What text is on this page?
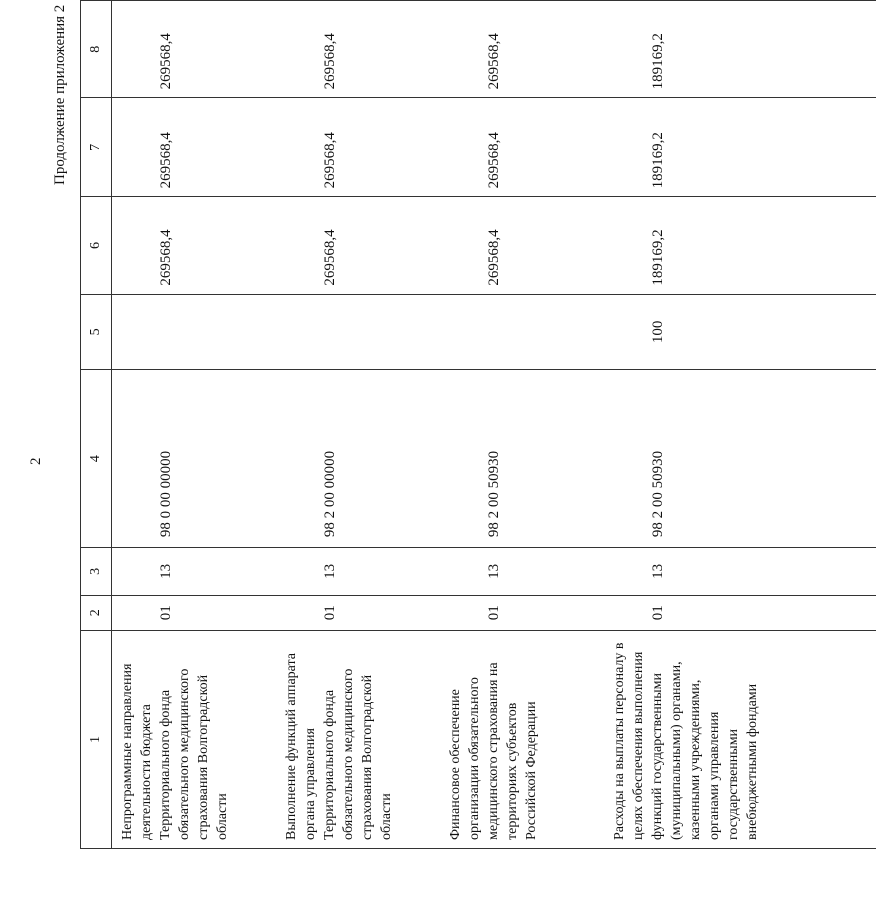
2
Продолжение приложения 2
1	2	3	4	5	6	7	8
Непрограммные направления деятельности бюджета Территориального фонда обязательного медицинского страхования Волгоградской области	01	13	98 0 00 00000		269568,4	269568,4	269568,4
Выполнение функций аппарата органа управления Территориального фонда обязательного медицинского страхования Волгоградской области	01	13	98 2 00 00000		269568,4	269568,4	269568,4
Финансовое обеспечение организации обязательного медицинского страхования на территориях субъектов Российской Федерации	01	13	98 2 00 50930		269568,4	269568,4	269568,4
Расходы на выплаты персоналу в целях обеспечения выполнения функций государственными (муниципальными) органами, казенными учреждениями, органами управления государственными внебюджетными фондами	01	13	98 2 00 50930	100	189169,2	189169,2	189169,2
